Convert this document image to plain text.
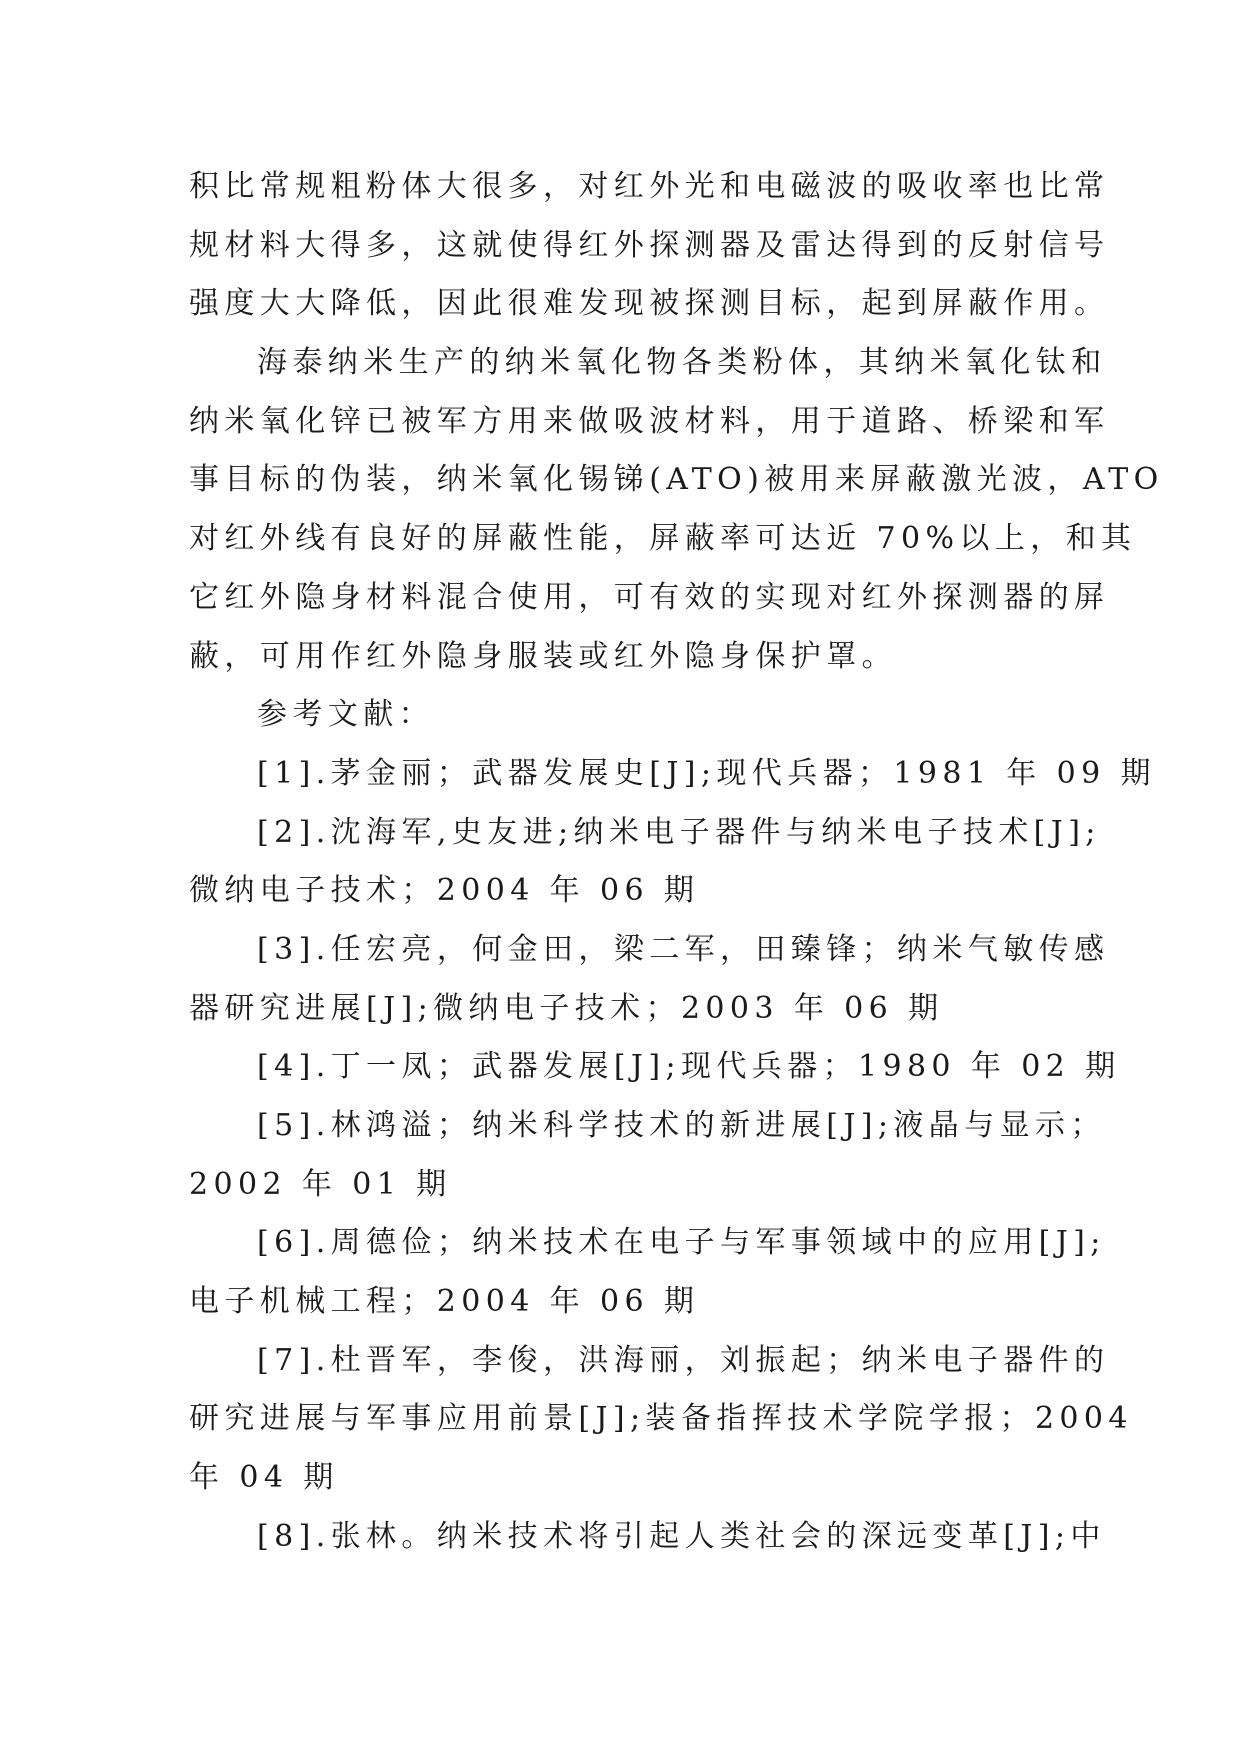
积比常规粗粉体大很多，对红外光和电磁波的吸收率也比常
规材料大得多，这就使得红外探测器及雷达得到的反射信号
强度大大降低，因此很难发现被探测目标，起到屏蔽作用。
海泰纳米生产的纳米氧化物各类粉体，其纳米氧化钛和
纳米氧化锌已被军方用来做吸波材料，用于道路、桥梁和军
事目标的伪装，纳米氧化锡锑(ATO)被用来屏蔽激光波，ATO
对红外线有良好的屏蔽性能，屏蔽率可达近 70%以上，和其
它红外隐身材料混合使用，可有效的实现对红外探测器的屏
蔽，可用作红外隐身服装或红外隐身保护罩。
参考文献：
[1].茅金丽；武器发展史[J];现代兵器；1981 年 09 期
[2].沈海军,史友进;纳米电子器件与纳米电子技术[J];
微纳电子技术；2004 年 06 期
[3].任宏亮，何金田，梁二军，田臻锋；纳米气敏传感
器研究进展[J];微纳电子技术；2003 年 06 期
[4].丁一凤；武器发展[J];现代兵器；1980 年 02 期
[5].林鸿溢；纳米科学技术的新进展[J];液晶与显示；
2002 年 01 期
[6].周德俭；纳米技术在电子与军事领域中的应用[J];
电子机械工程；2004 年 06 期
[7].杜晋军，李俊，洪海丽，刘振起；纳米电子器件的
研究进展与军事应用前景[J];装备指挥技术学院学报；2004
年 04 期
[8].张林。纳米技术将引起人类社会的深远变革[J];中
